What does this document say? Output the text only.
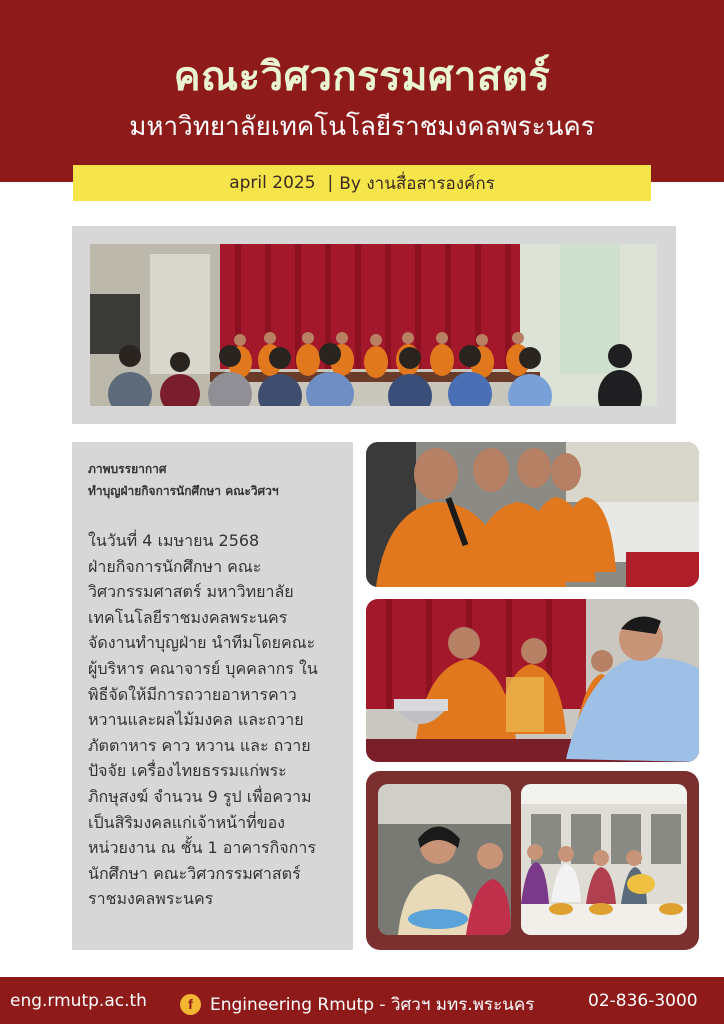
คณะวิศวกรรมศาสตร์
มหาวิทยาลัยเทคโนโลยีราชมงคลพระนคร
april 2025 | By งานสื่อสารองค์กร
ภาพบรรยากาศ
ทำบุญฝ่ายกิจการนักศึกษา คณะวิศวฯ
ในวันที่ 4 เมษายน 2568
ฝ่ายกิจการนักศึกษา คณะ
วิศวกรรมศาสตร์ มหาวิทยาลัย
เทคโนโลยีราชมงคลพระนคร
จัดงานทำบุญฝ่าย นำทีมโดยคณะ
ผู้บริหาร คณาจารย์ บุคคลากร ใน
พิธีจัดให้มีการถวายอาหารคาว
หวานและผลไม้มงคล และถวาย
ภัตตาหาร คาว หวาน และ ถวาย
ปัจจัย เครื่องไทยธรรมแก่พระ
ภิกษุสงฆ์ จำนวน 9 รูป เพื่อความ
เป็นสิริมงคลแก่เจ้าหน้าที่ของ
หน่วยงาน ณ ชั้น 1 อาคารกิจการ
นักศึกษา คณะวิศวกรรมศาสตร์
ราชมงคลพระนคร
eng.rmutp.ac.th	f	Engineering Rmutp - วิศวฯ มทร.พระนคร	02-836-3000
